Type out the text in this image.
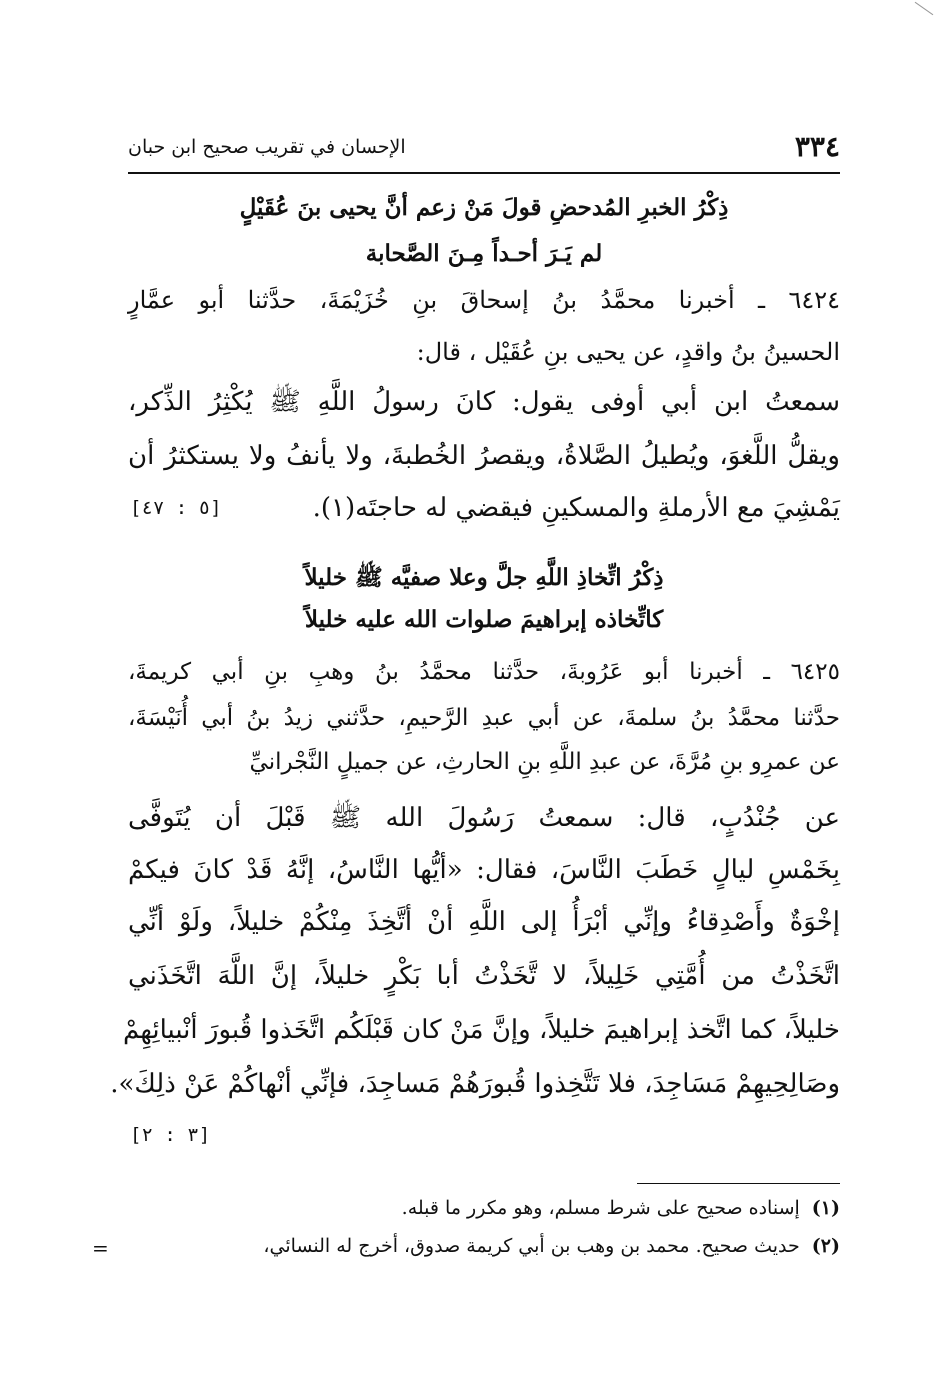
٣٣٤
الإحسان في تقريب صحيح ابن حبان
ذِكْرُ الخبرِ المُدحضِ قولَ مَنْ زعم أنَّ يحيى بنَ عُقَيْلٍ
لم يَـرَ أحـداً مِـنَ الصَّحابة
٦٤٢٤ ـ أخبرنا محمَّدُ بنُ إسحاقَ بنِ خُزَيْمَةَ، حدَّثنا أبو عمَّارٍ
الحسينُ بنُ واقدٍ، عن يحيى بنِ عُقَيْل ، قال:
سمعتُ ابن أبي أوفى يقول: كانَ رسولُ اللَّهِ ﷺ يُكْثِرُ الذِّكر،
ويقلُّ اللَّغوَ، ويُطيلُ الصَّلاةُ، ويقصرُ الخُطبةَ، ولا يأنفُ ولا يستكثرُ أن
يَمْشِيَ مع الأرملةِ والمسكينِ فيقضي له حاجتَه(١).
[٥ : ٤٧]
ذِكْرُ اتِّخاذِ اللَّهِ جلَّ وعلا صفيَّه ﷺ خليلاً
كاتِّخاذه إبراهيمَ صلوات الله عليه خليلاً
٦٤٢٥ ـ أخبرنا أبو عَرُوبةَ، حدَّثنا محمَّدُ بنُ وهبِ بنِ أبي كريمةَ،
حدَّثنا محمَّدُ بنُ سلمةَ، عن أبي عبدِ الرَّحيمِ، حدَّثني زيدُ بنُ أبي أُنَيْسَةَ،
عن عمرِو بنِ مُرَّةَ، عن عبدِ اللَّهِ بنِ الحارثِ، عن جميلٍ النَّجْرانيِّ
عن جُنْدُبٍ، قال: سمعتُ رَسُولَ الله ﷺ قَبْلَ أن يُتَوفَّى
بِخَمْسِ ليالٍ خَطَبَ النَّاسَ، فقال: «أيُّها النَّاسُ، إنَّهُ قَدْ كانَ فيكمْ
إخْوَةٌ وأَصْدِقاءُ وإنِّي أبْرَأُ إلى اللَّهِ أنْ أتَّخِذَ مِنْكُمْ خليلاً، ولَوْ أنِّي
اتَّخَذْتُ من أُمَّتِي خَلِيلاً، لا تَّخَذْتُ أبا بَكْرٍ خليلاً، إنَّ اللَّهَ اتَّخَذَني
خليلاً، كما اتَّخذ إبراهيمَ خليلاً، وإنَّ مَنْ كان قَبْلَكُم اتَّخَذوا قُبورَ أنْبيائِهِمْ
وصَالِحِيهِمْ مَسَاجِدَ، فلا تَتَّخِذوا قُبورَهُمْ مَساجِدَ، فإنِّي أنْهاكُمْ عَنْ ذلِكَ».
[٣ : ٢]
(١)إسناده صحيح على شرط مسلم، وهو مكرر ما قبله.
(٢)حديث صحيح. محمد بن وهب بن أبي كريمة صدوق، أخرج له النسائي،
=
